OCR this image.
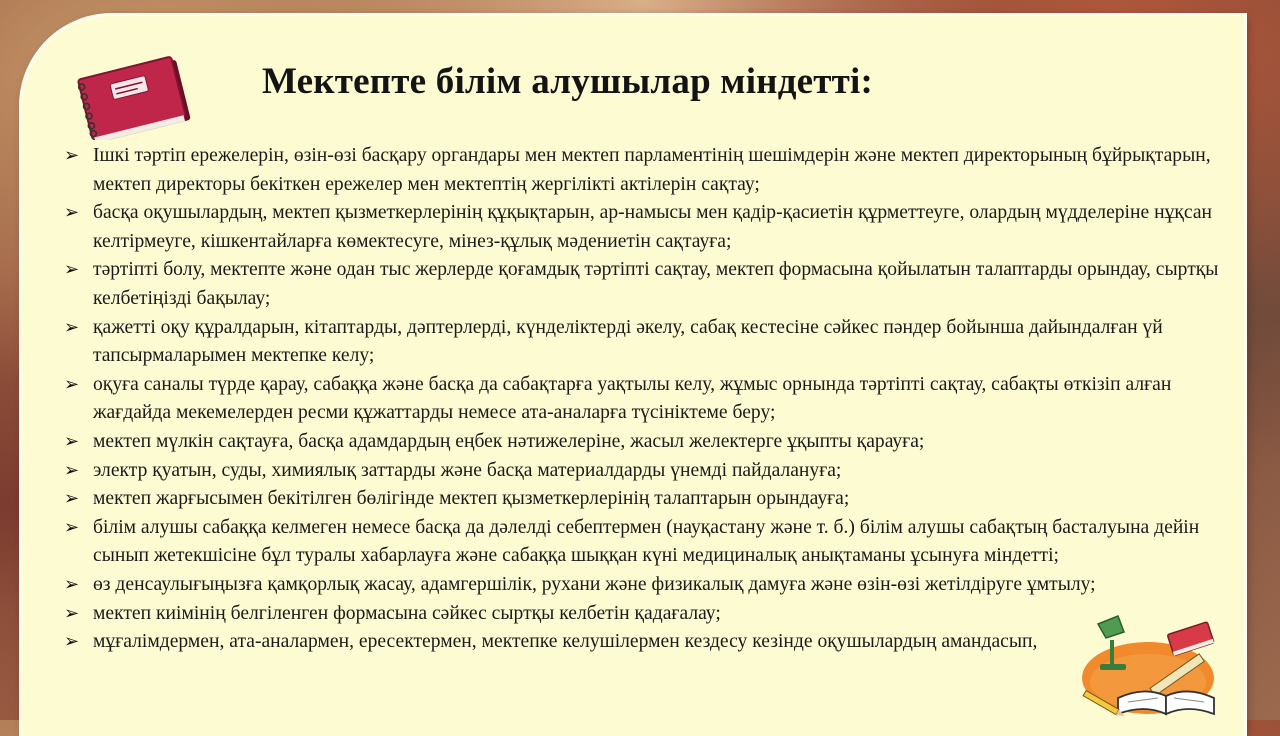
Мектепте білім алушылар міндетті:
➢ Ішкі тәртіп ережелерін, өзін-өзі басқару органдары мен мектеп парламентінің шешімдерін және мектеп директорының бұйрықтарын, мектеп директоры бекіткен ережелер мен мектептің жергілікті актілерін сақтау;
➢ басқа оқушылардың, мектеп қызметкерлерінің құқықтарын, ар-намысы мен қадір-қасиетін құрметтеуге, олардың мүдделеріне нұқсан келтірмеуге, кішкентайларға көмектесуге, мінез-құлық мәдениетін сақтауға;
➢ тәртіпті болу, мектепте және одан тыс жерлерде қоғамдық тәртіпті сақтау, мектеп формасына қойылатын талаптарды орындау, сыртқы келбетіңізді бақылау;
➢ қажетті оқу құралдарын, кітаптарды, дәптерлерді, күнделіктерді әкелу, сабақ кестесіне сәйкес пәндер бойынша дайындалған үй тапсырмаларымен мектепке келу;
➢ оқуға саналы түрде қарау, сабаққа және басқа да сабақтарға уақтылы келу, жұмыс орнында тәртіпті сақтау, сабақты өткізіп алған жағдайда мекемелерден ресми құжаттарды немесе ата-аналарға түсініктеме беру;
➢ мектеп мүлкін сақтауға, басқа адамдардың еңбек нәтижелеріне, жасыл желектерге ұқыпты қарауға;
➢ электр қуатын, суды, химиялық заттарды және басқа материалдарды үнемді пайдалануға;
➢ мектеп жарғысымен бекітілген бөлігінде мектеп қызметкерлерінің талаптарын орындауға;
➢ білім алушы сабаққа келмеген немесе басқа да дәлелді себептермен (науқастану және т. б.) білім алушы сабақтың басталуына дейін сынып жетекшісіне бұл туралы хабарлауға және сабаққа шыққан күні медициналық анықтаманы ұсынуға міндетті;
➢ өз денсаулығыңызға қамқорлық жасау, адамгершілік, рухани және физикалық дамуға және өзін-өзі жетілдіруге ұмтылу;
➢ мектеп киімінің белгіленген формасына сәйкес сыртқы келбетін қадағалау;
➢ мұғалімдермен, ата-аналармен, ересектермен, мектепке келушілермен кездесу кезінде оқушылардың амандасып,
